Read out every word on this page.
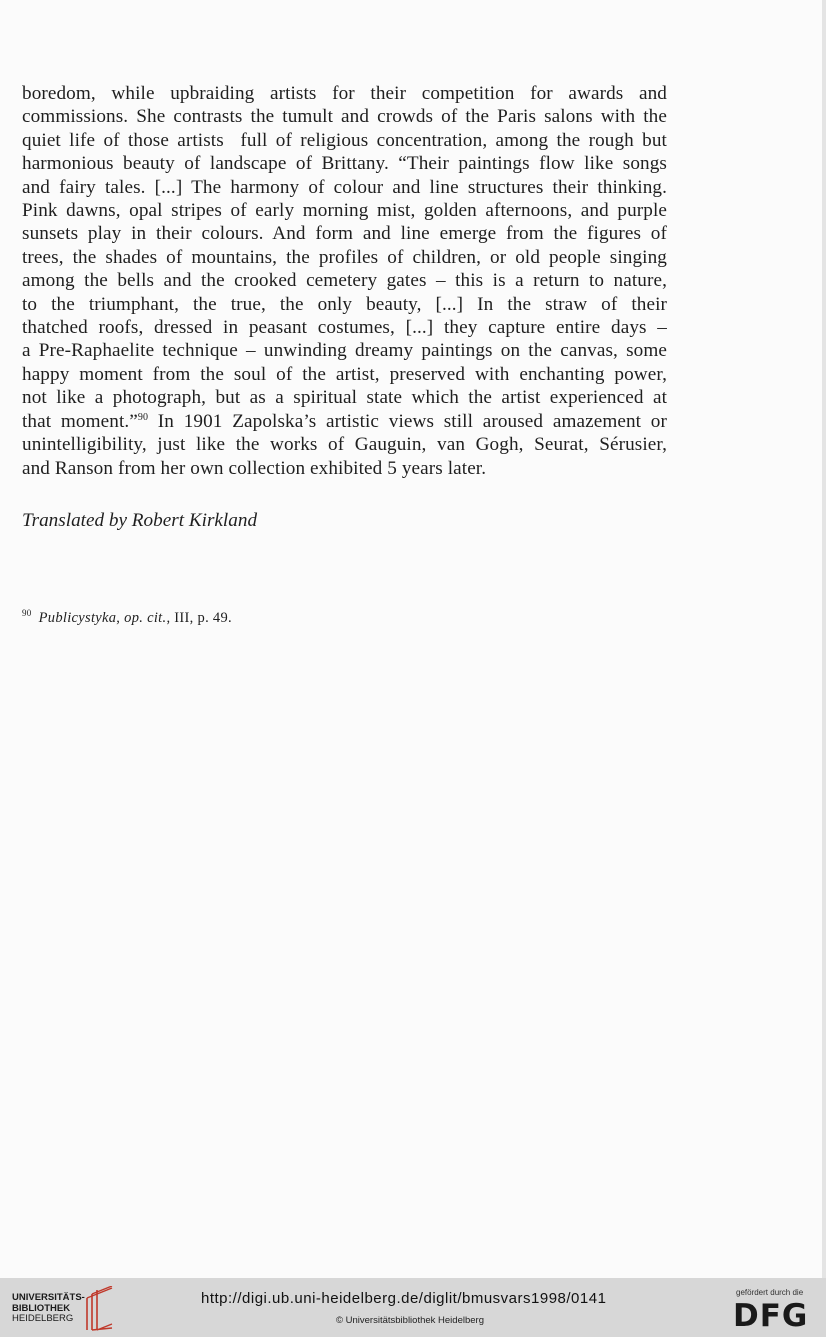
boredom, while upbraiding artists for their competition for awards and
commissions. She contrasts the tumult and crowds of the Paris salons with the
quiet life of those artists  full of religious concentration, among the rough but
harmonious beauty of landscape of Brittany. “Their paintings flow like songs
and fairy tales. [...] The harmony of colour and line structures their thinking.
Pink dawns, opal stripes of early morning mist, golden afternoons, and purple
sunsets play in their colours. And form and line emerge from the figures of
trees, the shades of mountains, the profiles of children, or old people singing
among the bells and the crooked cemetery gates – this is a return to nature,
to the triumphant, the true, the only beauty, [...] In the straw of their
thatched roofs, dressed in peasant costumes, [...] they capture entire days –
a Pre-Raphaelite technique – unwinding dreamy paintings on the canvas, some
happy moment from the soul of the artist, preserved with enchanting power,
not like a photograph, but as a spiritual state which the artist experienced at
that moment.”$^{90}$ In 1901 Zapolska’s artistic views still aroused amazement or
unintelligibility, just like the works of Gauguin, van Gogh, Seurat, Sérusier,
and Ranson from her own collection exhibited 5 years later.
Translated by Robert Kirkland
$^{90}$ Publicystyka, op. cit., III, p. 49.
UNIVERSITÄTS-
BIBLIOTHEK
HEIDELBERG
http://digi.ub.uni-heidelberg.de/diglit/bmusvars1998/0141
© Universitätsbibliothek Heidelberg
gefördert durch die
DFG
